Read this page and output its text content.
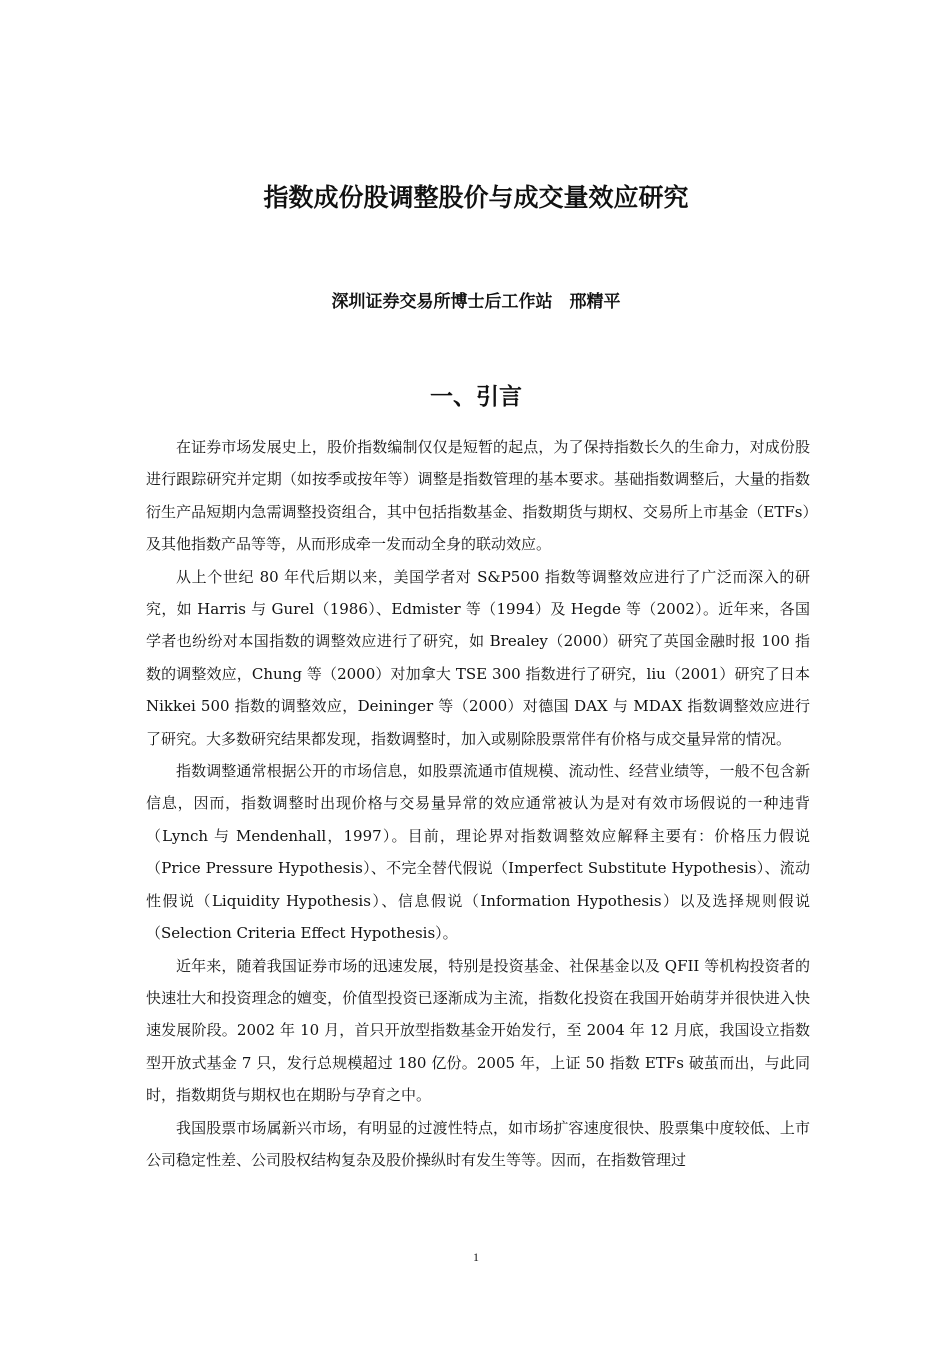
指数成份股调整股价与成交量效应研究
深圳证券交易所博士后工作站　邢精平
一、引言

在证券市场发展史上，股价指数编制仅仅是短暂的起点，为了保持指数长久的生命力，对成份股进行跟踪研究并定期（如按季或按年等）调整是指数管理的基本要求。基础指数调整后，大量的指数衍生产品短期内急需调整投资组合，其中包括指数基金、指数期货与期权、交易所上市基金（ETFs）及其他指数产品等等，从而形成牵一发而动全身的联动效应。

从上个世纪 80 年代后期以来，美国学者对 S&P500 指数等调整效应进行了广泛而深入的研究，如 Harris 与 Gurel（1986）、Edmister 等（1994）及 Hegde 等（2002）。近年来，各国学者也纷纷对本国指数的调整效应进行了研究，如 Brealey（2000）研究了英国金融时报 100 指数的调整效应，Chung 等（2000）对加拿大 TSE 300 指数进行了研究，liu（2001）研究了日本 Nikkei 500 指数的调整效应，Deininger 等（2000）对德国 DAX 与 MDAX 指数调整效应进行了研究。大多数研究结果都发现，指数调整时，加入或剔除股票常伴有价格与成交量异常的情况。

指数调整通常根据公开的市场信息，如股票流通市值规模、流动性、经营业绩等，一般不包含新信息，因而，指数调整时出现价格与交易量异常的效应通常被认为是对有效市场假说的一种违背（Lynch 与 Mendenhall，1997）。目前，理论界对指数调整效应解释主要有：价格压力假说（Price Pressure Hypothesis）、不完全替代假说（Imperfect Substitute Hypothesis）、流动性假说（Liquidity Hypothesis）、信息假说（Information Hypothesis）以及选择规则假说（Selection Criteria Effect Hypothesis）。

近年来，随着我国证券市场的迅速发展，特别是投资基金、社保基金以及 QFII 等机构投资者的快速壮大和投资理念的嬗变，价值型投资已逐渐成为主流，指数化投资在我国开始萌芽并很快进入快速发展阶段。2002 年 10 月，首只开放型指数基金开始发行，至 2004 年 12 月底，我国设立指数型开放式基金 7 只，发行总规模超过 180 亿份。2005 年，上证 50 指数 ETFs 破茧而出，与此同时，指数期货与期权也在期盼与孕育之中。

我国股票市场属新兴市场，有明显的过渡性特点，如市场扩容速度很快、股票集中度较低、上市公司稳定性差、公司股权结构复杂及股价操纵时有发生等等。因而，在指数管理过

1
